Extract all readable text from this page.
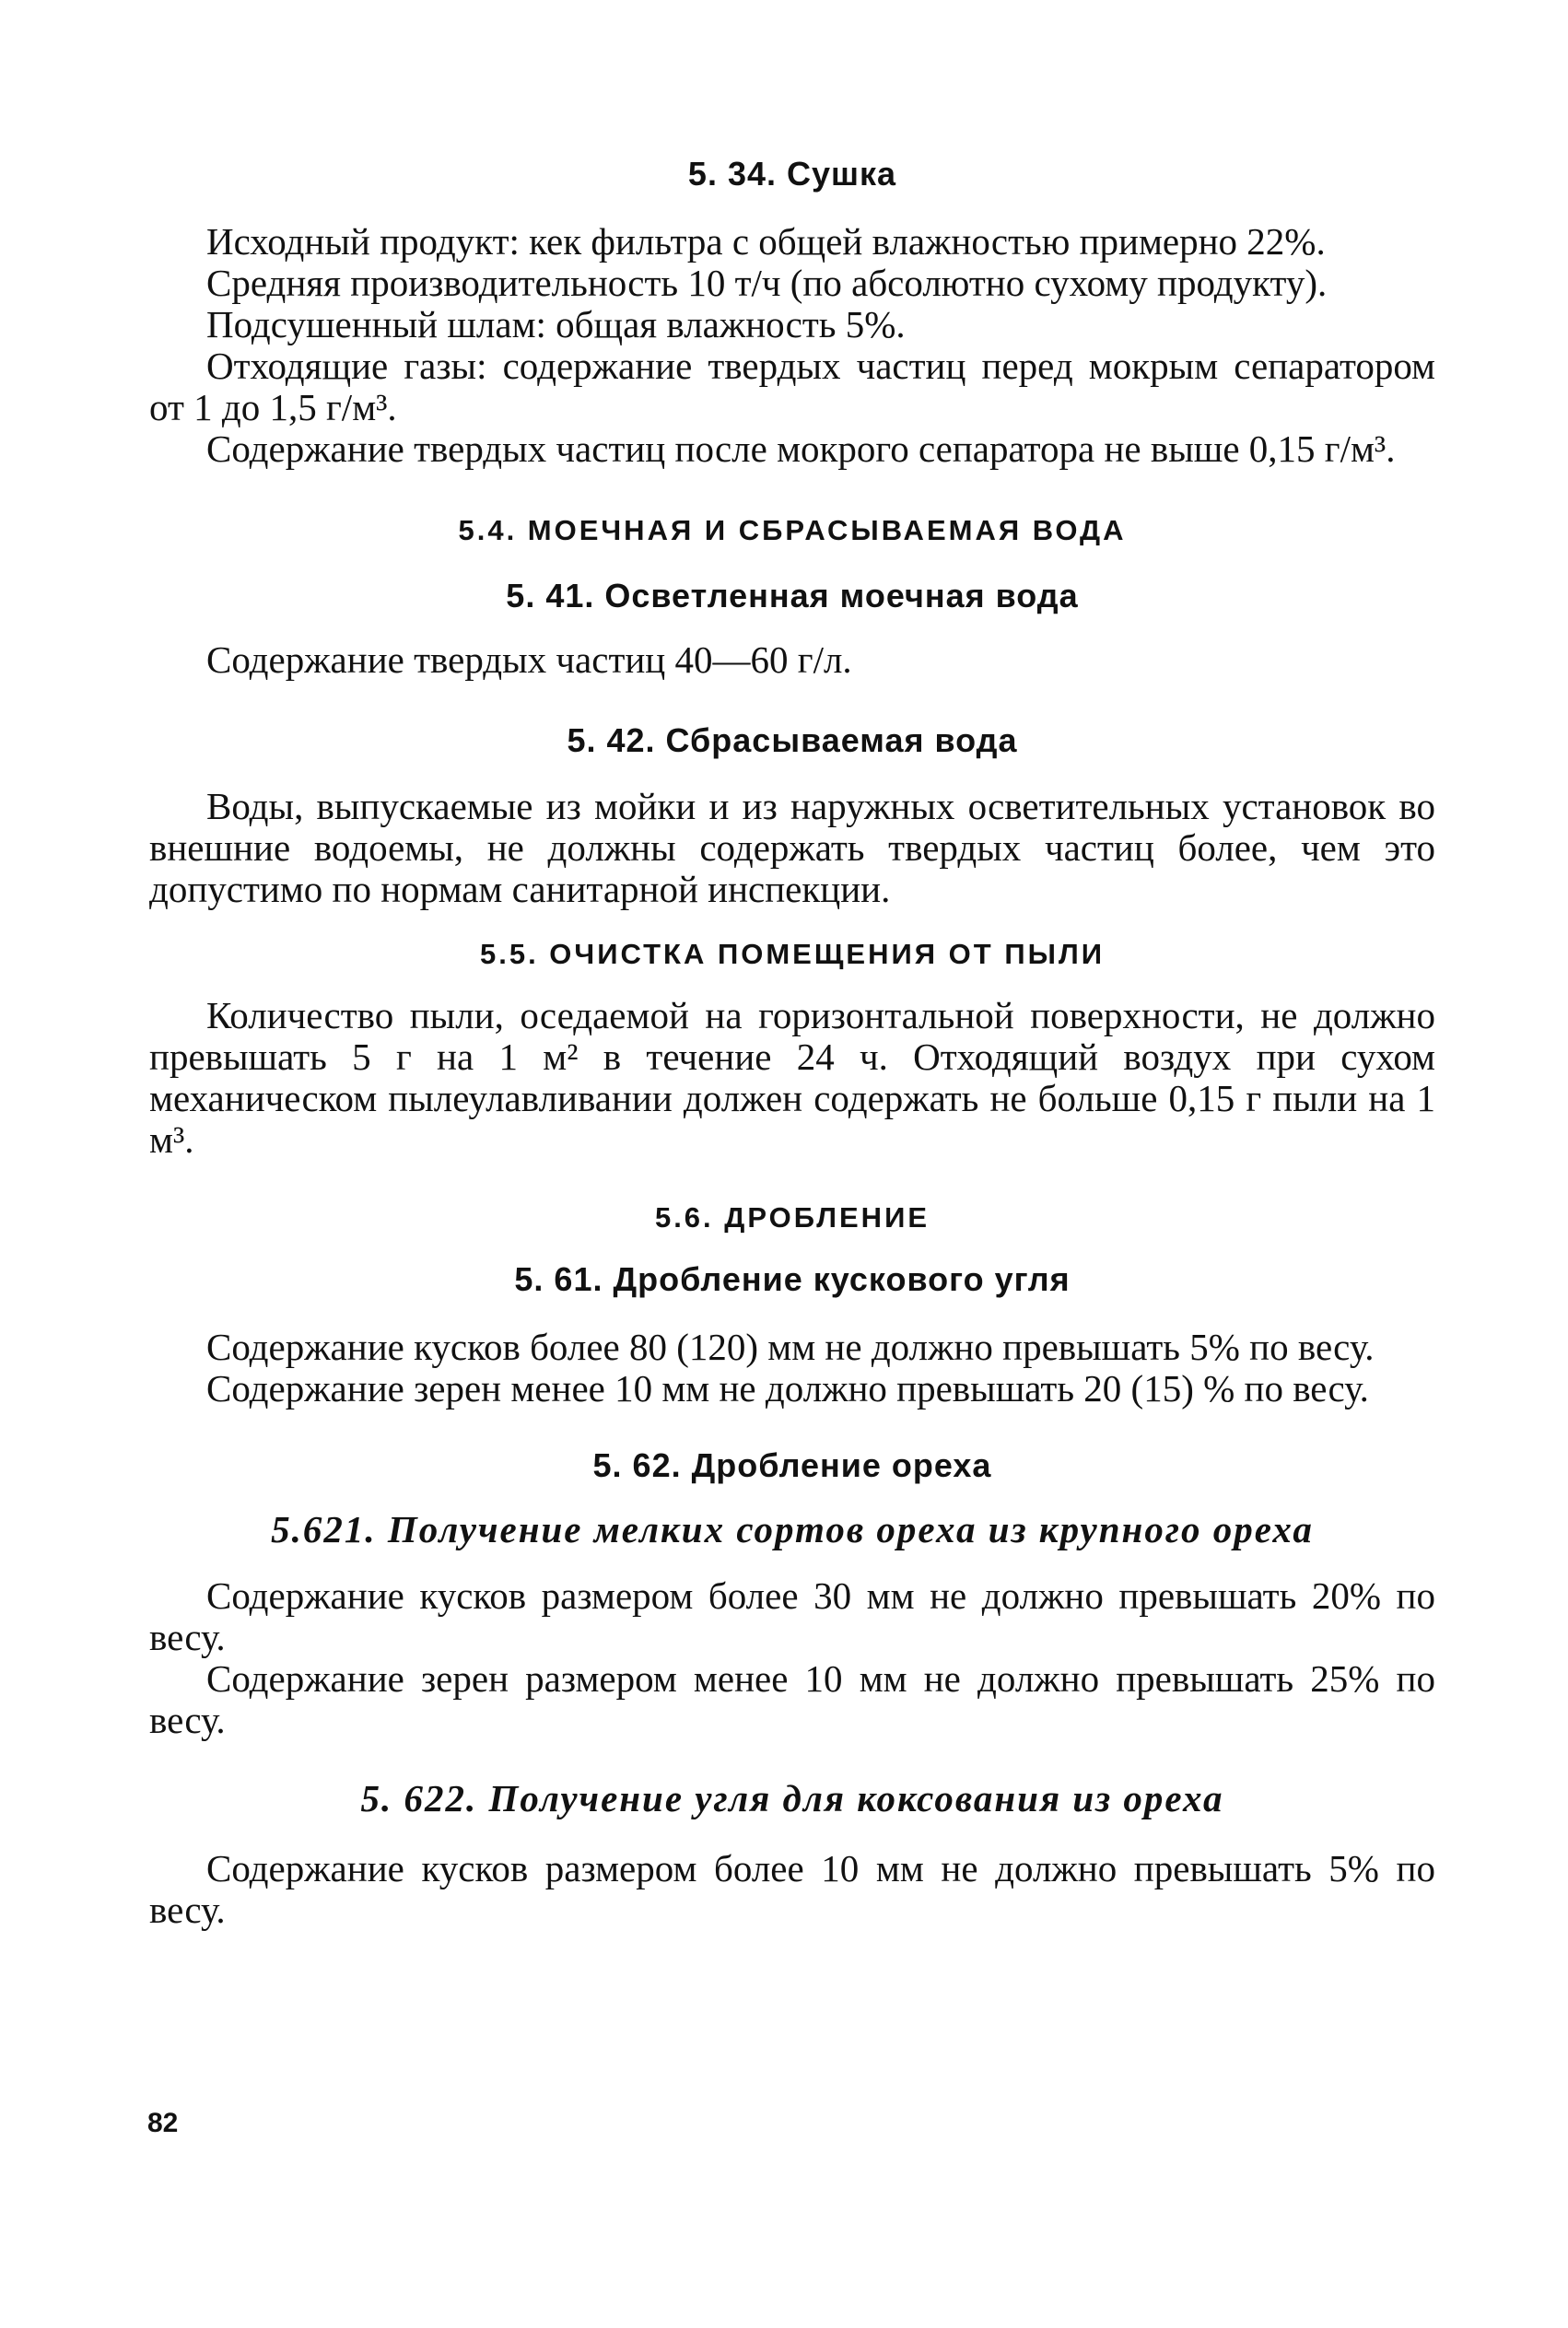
5. 34. Сушка

Исходный продукт: кек фильтра с общей влажностью примерно 22%.

Средняя производительность 10 т/ч (по абсолютно сухому продукту).

Подсушенный шлам: общая влажность 5%.

Отходящие газы: содержание твердых частиц перед мокрым сепаратором от 1 до 1,5 г/м³.

Содержание твердых частиц после мокрого сепаратора не выше 0,15 г/м³.

5.4. МОЕЧНАЯ И СБРАСЫВАЕМАЯ ВОДА
5. 41. Осветленная моечная вода

Содержание твердых частиц 40—60 г/л.

5. 42. Сбрасываемая вода

Воды, выпускаемые из мойки и из наружных осветительных установок во внешние водоемы, не должны содержать твердых частиц более, чем это допустимо по нормам санитарной инспекции.

5.5. ОЧИСТКА ПОМЕЩЕНИЯ ОТ ПЫЛИ

Количество пыли, оседаемой на горизонтальной поверхности, не должно превышать 5 г на 1 м² в течение 24 ч. Отходящий воздух при сухом механическом пылеулавливании должен содержать не больше 0,15 г пыли на 1 м³.

5.6. ДРОБЛЕНИЕ
5. 61. Дробление кускового угля

Содержание кусков более 80 (120) мм не должно превышать 5% по весу.

Содержание зерен менее 10 мм не должно превышать 20 (15) % по весу.

5. 62. Дробление ореха
5.621. Получение мелких сортов ореха из крупного ореха

Содержание кусков размером более 30 мм не должно превышать 20% по весу.

Содержание зерен размером менее 10 мм не должно превышать 25% по весу.

5. 622. Получение угля для коксования из ореха

Содержание кусков размером более 10 мм не должно превышать 5% по весу.

82
